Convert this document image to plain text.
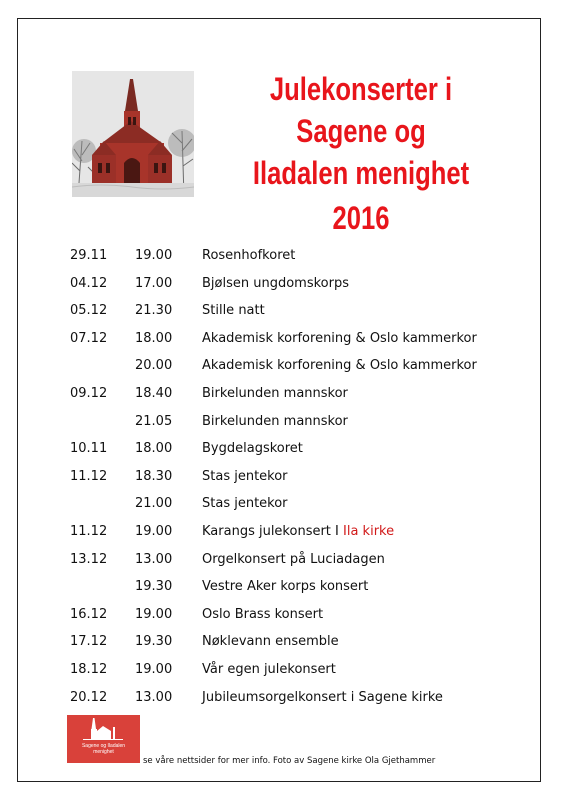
Julekonserter i
Sagene og
Iladalen menighet
2016
29.11 19.00 Rosenhofkoret
04.12 17.00 Bjølsen ungdomskorps
05.12 21.30 Stille natt
07.12 18.00 Akademisk korforening & Oslo kammerkor
20.00 Akademisk korforening & Oslo kammerkor
09.12 18.40 Birkelunden mannskor
21.05 Birkelunden mannskor
10.11 18.00 Bygdelagskoret
11.12 18.30 Stas jentekor
21.00 Stas jentekor
11.12 19.00 Karangs julekonsert I Ila kirke
13.12 13.00 Orgelkonsert på Luciadagen
19.30 Vestre Aker korps konsert
16.12 19.00 Oslo Brass konsert
17.12 19.30 Nøklevann ensemble
18.12 19.00 Vår egen julekonsert
20.12 13.00 Jubileumsorgelkonsert i Sagene kirke
Sagene og Iladalen
menighet
se våre nettsider for mer info. Foto av Sagene kirke Ola Gjethammer
